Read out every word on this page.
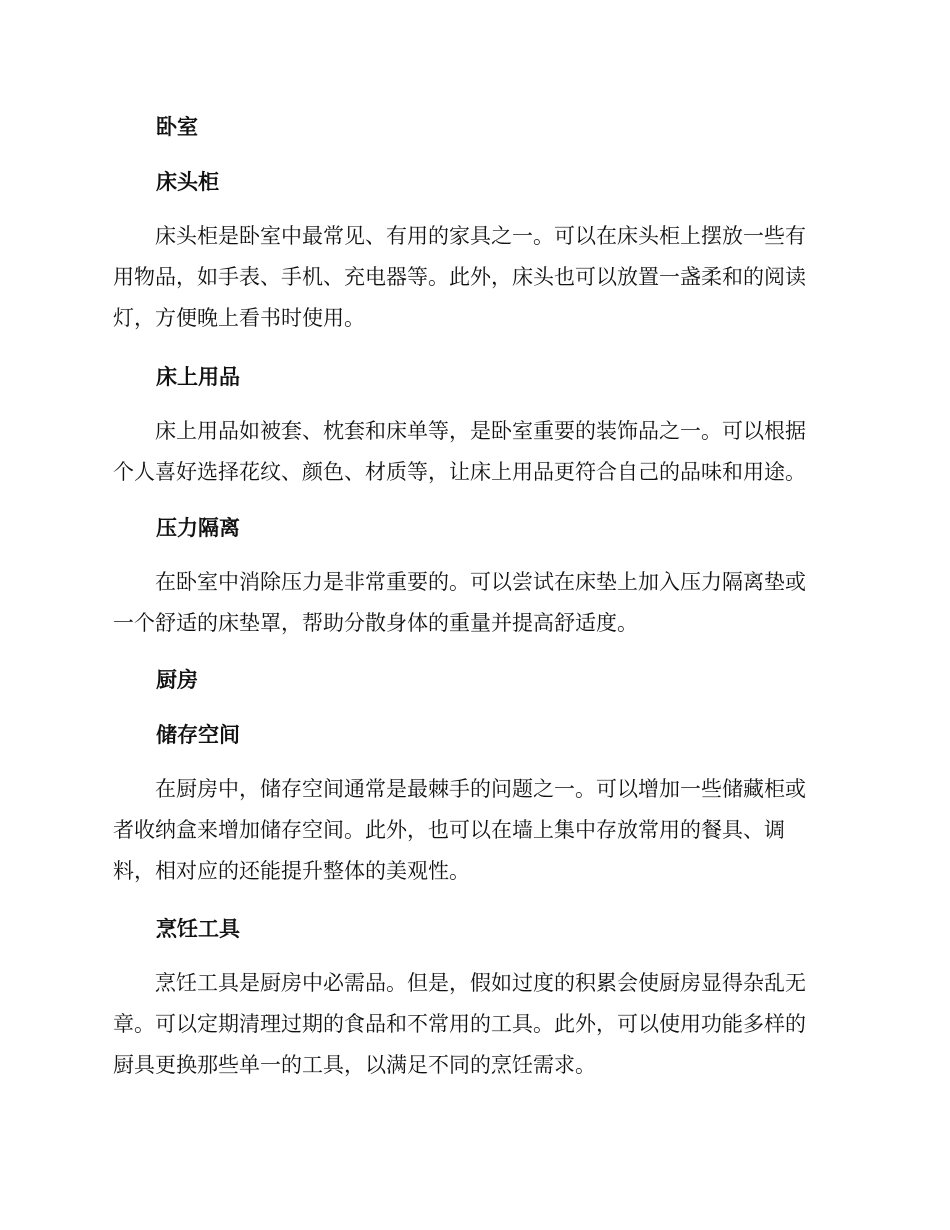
卧室
床头柜

床头柜是卧室中最常见、有用的家具之一。可以在床头柜上摆放一些有
用物品，如手表、手机、充电器等。此外，床头也可以放置一盏柔和的阅读
灯，方便晚上看书时使用。

床上用品

床上用品如被套、枕套和床单等，是卧室重要的装饰品之一。可以根据
个人喜好选择花纹、颜色、材质等，让床上用品更符合自己的品味和用途。

压力隔离

在卧室中消除压力是非常重要的。可以尝试在床垫上加入压力隔离垫或
一个舒适的床垫罩，帮助分散身体的重量并提高舒适度。

厨房
储存空间

在厨房中，储存空间通常是最棘手的问题之一。可以增加一些储藏柜或
者收纳盒来增加储存空间。此外，也可以在墙上集中存放常用的餐具、调
料，相对应的还能提升整体的美观性。

烹饪工具

烹饪工具是厨房中必需品。但是，假如过度的积累会使厨房显得杂乱无
章。可以定期清理过期的食品和不常用的工具。此外，可以使用功能多样的
厨具更换那些单一的工具，以满足不同的烹饪需求。
